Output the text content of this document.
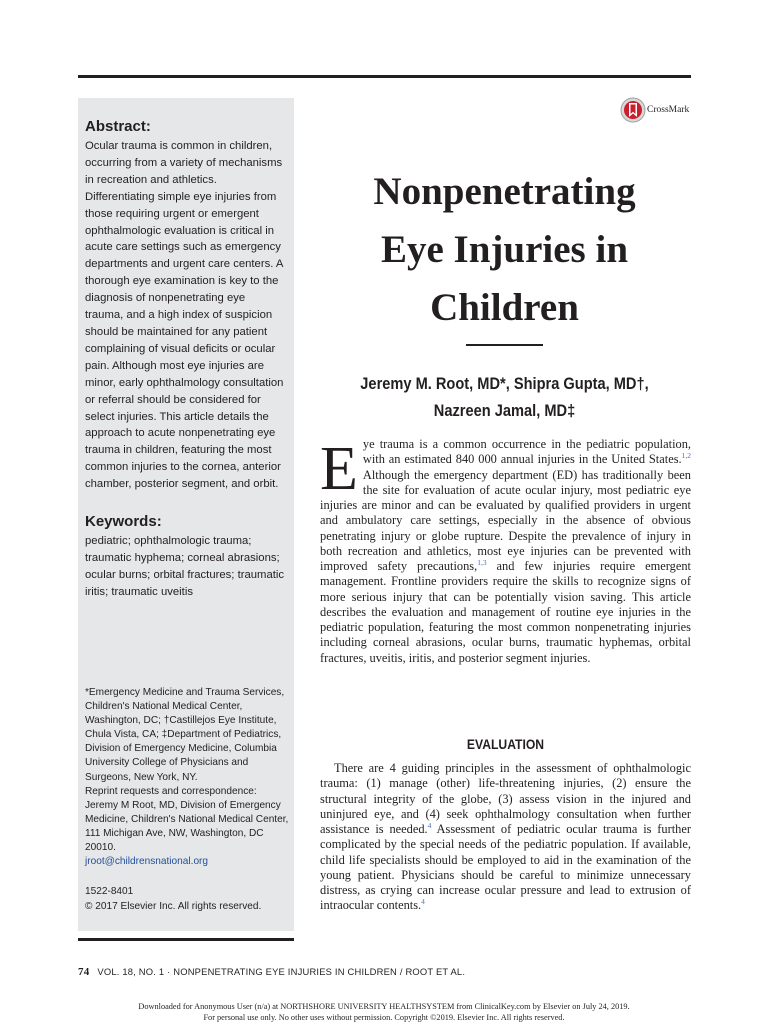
Abstract:

Ocular trauma is common in children, occurring from a variety of mechanisms in recreation and athletics. Differentiating simple eye injuries from those requiring urgent or emergent ophthalmologic evaluation is critical in acute care settings such as emergency departments and urgent care centers. A thorough eye examination is key to the diagnosis of nonpenetrating eye trauma, and a high index of suspicion should be maintained for any patient complaining of visual deficits or ocular pain. Although most eye injuries are minor, early ophthalmology consultation or referral should be considered for select injuries. This article details the approach to acute nonpenetrating eye trauma in children, featuring the most common injuries to the cornea, anterior chamber, posterior segment, and orbit.

Keywords:

pediatric; ophthalmologic trauma; traumatic hyphema; corneal abrasions; ocular burns; orbital fractures; traumatic iritis; traumatic uveitis

*Emergency Medicine and Trauma Services, Children's National Medical Center, Washington, DC; †Castillejos Eye Institute, Chula Vista, CA; ‡Department of Pediatrics, Division of Emergency Medicine, Columbia University College of Physicians and Surgeons, New York, NY.
Reprint requests and correspondence: Jeremy M Root, MD, Division of Emergency Medicine, Children's National Medical Center, 111 Michigan Ave, NW, Washington, DC 20010.
jroot@childrensnational.org
1522-8401
© 2017 Elsevier Inc. All rights reserved.
CrossMark
Nonpenetrating
Eye Injuries in
Children
Jeremy M. Root, MD*, Shipra Gupta, MD†,
Nazreen Jamal, MD‡

Eye trauma is a common occurrence in the pediatric population, with an estimated 840 000 annual injuries in the United States.$^{1,2}$ Although the emergency department (ED) has traditionally been the site for evaluation of acute ocular injury, most pediatric eye injuries are minor and can be evaluated by qualified providers in urgent and ambulatory care settings, especially in the absence of obvious penetrating injury or globe rupture. Despite the prevalence of injury in both recreation and athletics, most eye injuries can be prevented with improved safety precautions,$^{1,3}$ and few injuries require emergent management. Frontline providers require the skills to recognize signs of more serious injury that can be potentially vision saving. This article describes the evaluation and management of routine eye injuries in the pediatric population, featuring the most common nonpenetrating injuries including corneal abrasions, ocular burns, traumatic hyphemas, orbital fractures, uveitis, iritis, and posterior segment injuries.

EVALUATION

There are 4 guiding principles in the assessment of ophthalmologic trauma: (1) manage (other) life-threatening injuries, (2) ensure the structural integrity of the globe, (3) assess vision in the injured and uninjured eye, and (4) seek ophthalmology consultation when further assistance is needed.$^4$ Assessment of pediatric ocular trauma is further complicated by the special needs of the pediatric population. If available, child life specialists should be employed to aid in the examination of the young patient. Physicians should be careful to minimize unnecessary distress, as crying can increase ocular pressure and lead to extrusion of intraocular contents.$^4$

74 VOL. 18, NO. 1 · NONPENETRATING EYE INJURIES IN CHILDREN / ROOT ET AL.
Downloaded for Anonymous User (n/a) at NORTHSHORE UNIVERSITY HEALTHSYSTEM from ClinicalKey.com by Elsevier on July 24, 2019.
For personal use only. No other uses without permission. Copyright ©2019. Elsevier Inc. All rights reserved.
